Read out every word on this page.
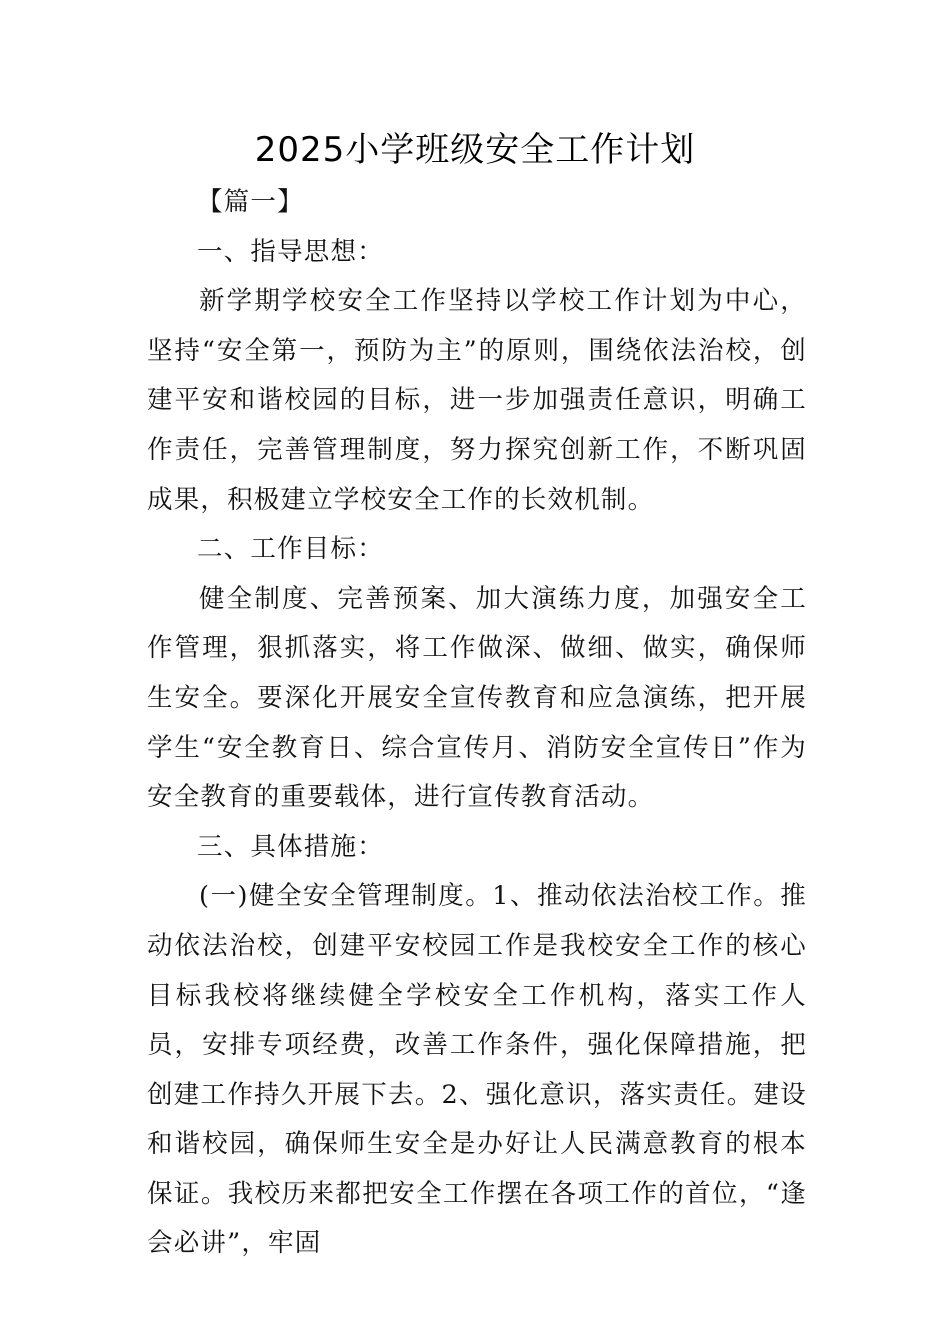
2025小学班级安全工作计划

【篇一】

一、指导思想：

新学期学校安全工作坚持以学校工作计划为中心，坚持“安全第一，预防为主”的原则，围绕依法治校，创建平安和谐校园的目标，进一步加强责任意识，明确工作责任，完善管理制度，努力探究创新工作，不断巩固成果，积极建立学校安全工作的长效机制。

二、工作目标：

健全制度、完善预案、加大演练力度，加强安全工作管理，狠抓落实，将工作做深、做细、做实，确保师生安全。要深化开展安全宣传教育和应急演练，把开展学生“安全教育日、综合宣传月、消防安全宣传日”作为安全教育的重要载体，进行宣传教育活动。

三、具体措施：

(一)健全安全管理制度。1、推动依法治校工作。推动依法治校，创建平安校园工作是我校安全工作的核心目标我校将继续健全学校安全工作机构，落实工作人员，安排专项经费，改善工作条件，强化保障措施，把创建工作持久开展下去。2、强化意识，落实责任。建设和谐校园，确保师生安全是办好让人民满意教育的根本保证。我校历来都把安全工作摆在各项工作的首位，“逢会必讲”，牢固
